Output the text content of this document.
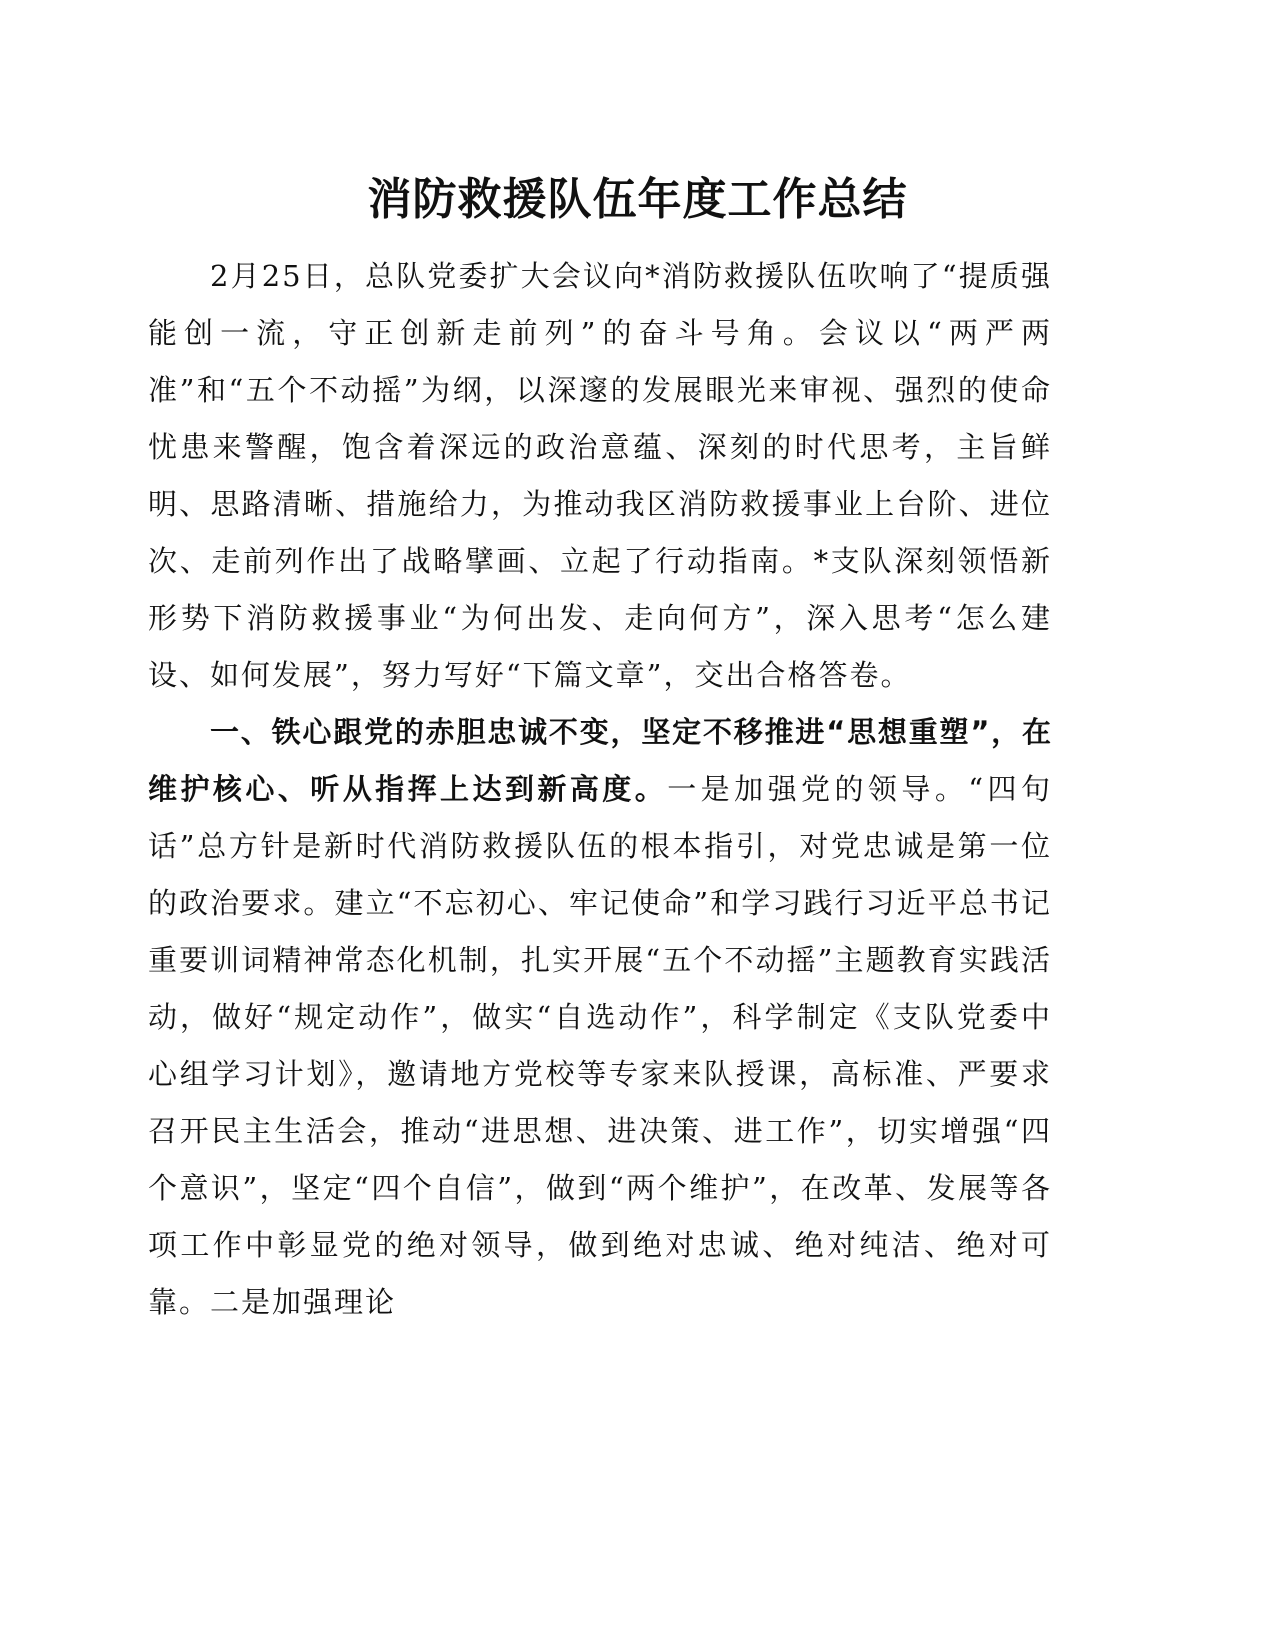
消防救援队伍年度工作总结

2月25日，总队党委扩大会议向*消防救援队伍吹响了“提质强能创一流，守正创新走前列”的奋斗号角。会议以“两严两准”和“五个不动摇”为纲，以深邃的发展眼光来审视、强烈的使命忧患来警醒，饱含着深远的政治意蕴、深刻的时代思考，主旨鲜明、思路清晰、措施给力，为推动我区消防救援事业上台阶、进位次、走前列作出了战略擘画、立起了行动指南。*支队深刻领悟新形势下消防救援事业“为何出发、走向何方”，深入思考“怎么建设、如何发展”，努力写好“下篇文章”，交出合格答卷。

一、铁心跟党的赤胆忠诚不变，坚定不移推进“思想重塑”，在维护核心、听从指挥上达到新高度。一是加强党的领导。“四句话”总方针是新时代消防救援队伍的根本指引，对党忠诚是第一位的政治要求。建立“不忘初心、牢记使命”和学习践行习近平总书记重要训词精神常态化机制，扎实开展“五个不动摇”主题教育实践活动，做好“规定动作”，做实“自选动作”，科学制定《支队党委中心组学习计划》，邀请地方党校等专家来队授课，高标准、严要求召开民主生活会，推动“进思想、进决策、进工作”，切实增强“四个意识”，坚定“四个自信”，做到“两个维护”，在改革、发展等各项工作中彰显党的绝对领导，做到绝对忠诚、绝对纯洁、绝对可靠。二是加强理论
